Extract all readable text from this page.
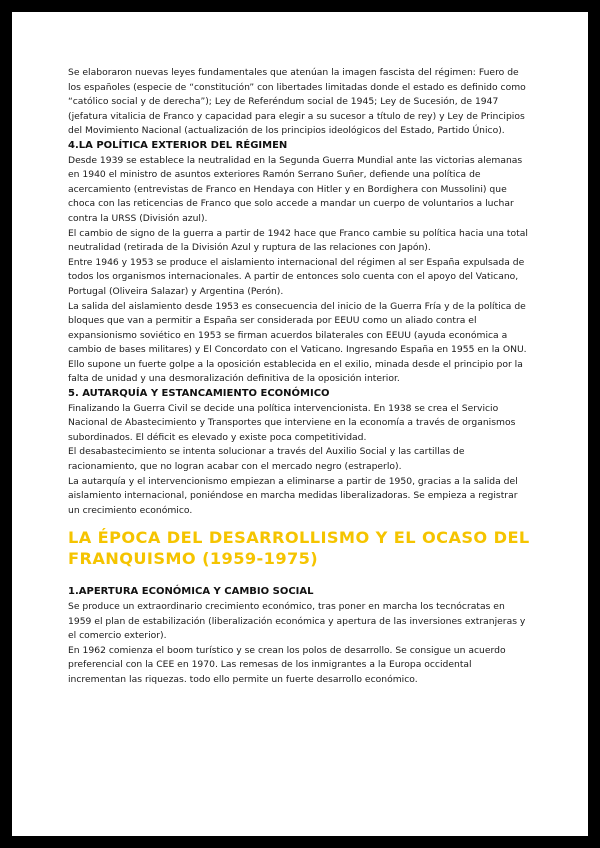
Se elaboraron nuevas leyes fundamentales que atenúan la imagen fascista del régimen: Fuero de los españoles (especie de “constitución” con libertades limitadas donde el estado es definido como “católico social y de derecha”); Ley de Referéndum social de 1945; Ley de Sucesión, de 1947 (jefatura vitalicia de Franco y capacidad para elegir a su sucesor a título de rey) y Ley de Principios del Movimiento Nacional (actualización de los principios ideológicos del Estado, Partido Único).

4.LA POLÍTICA EXTERIOR DEL RÉGIMEN

Desde 1939 se establece la neutralidad en la Segunda Guerra Mundial ante las victorias alemanas en 1940 el ministro de asuntos exteriores Ramón Serrano Suñer, defiende una política de acercamiento (entrevistas de Franco en Hendaya con Hitler y en Bordighera con Mussolini) que choca con las reticencias de Franco que solo accede a mandar un cuerpo de voluntarios a luchar contra la URSS (División azul).

El cambio de signo de la guerra a partir de 1942 hace que Franco cambie su política hacia una total neutralidad (retirada de la División Azul y ruptura de las relaciones con Japón).

Entre 1946 y 1953 se produce el aislamiento internacional del régimen al ser España expulsada de todos los organismos internacionales. A partir de entonces solo cuenta con el apoyo del Vaticano, Portugal (Oliveira Salazar) y Argentina (Perón).

La salida del aislamiento desde 1953 es consecuencia del inicio de la Guerra Fría y de la política de bloques que van a permitir a España ser considerada por EEUU como un aliado contra el expansionismo soviético en 1953 se firman acuerdos bilaterales con EEUU (ayuda económica a cambio de bases militares) y El Concordato con el Vaticano. Ingresando España en 1955 en la ONU. Ello supone un fuerte golpe a la oposición establecida en el exilio, minada desde el principio por la falta de unidad y una desmoralización definitiva de la oposición interior.

5. AUTARQUÍA Y ESTANCAMIENTO ECONÓMICO

Finalizando la Guerra Civil se decide una política intervencionista. En 1938 se crea el Servicio Nacional de Abastecimiento y Transportes que interviene en la economía a través de organismos subordinados. El déficit es elevado y existe poca competitividad.

El desabastecimiento se intenta solucionar a través del Auxilio Social y las cartillas de racionamiento, que no logran acabar con el mercado negro (estraperlo).

La autarquía y el intervencionismo empiezan a eliminarse a partir de 1950, gracias a la salida del aislamiento internacional, poniéndose en marcha medidas liberalizadoras. Se empieza a registrar un crecimiento económico.

LA ÉPOCA DEL DESARROLLISMO Y EL OCASO DEL FRANQUISMO (1959-1975)
1.APERTURA ECONÓMICA Y CAMBIO SOCIAL

Se produce un extraordinario crecimiento económico, tras poner en marcha los tecnócratas en 1959 el plan de estabilización (liberalización económica y apertura de las inversiones extranjeras y el comercio exterior).

En 1962 comienza el boom turístico y se crean los polos de desarrollo. Se consigue un acuerdo preferencial con la CEE en 1970. Las remesas de los inmigrantes a la Europa occidental incrementan las riquezas. todo ello permite un fuerte desarrollo económico.
